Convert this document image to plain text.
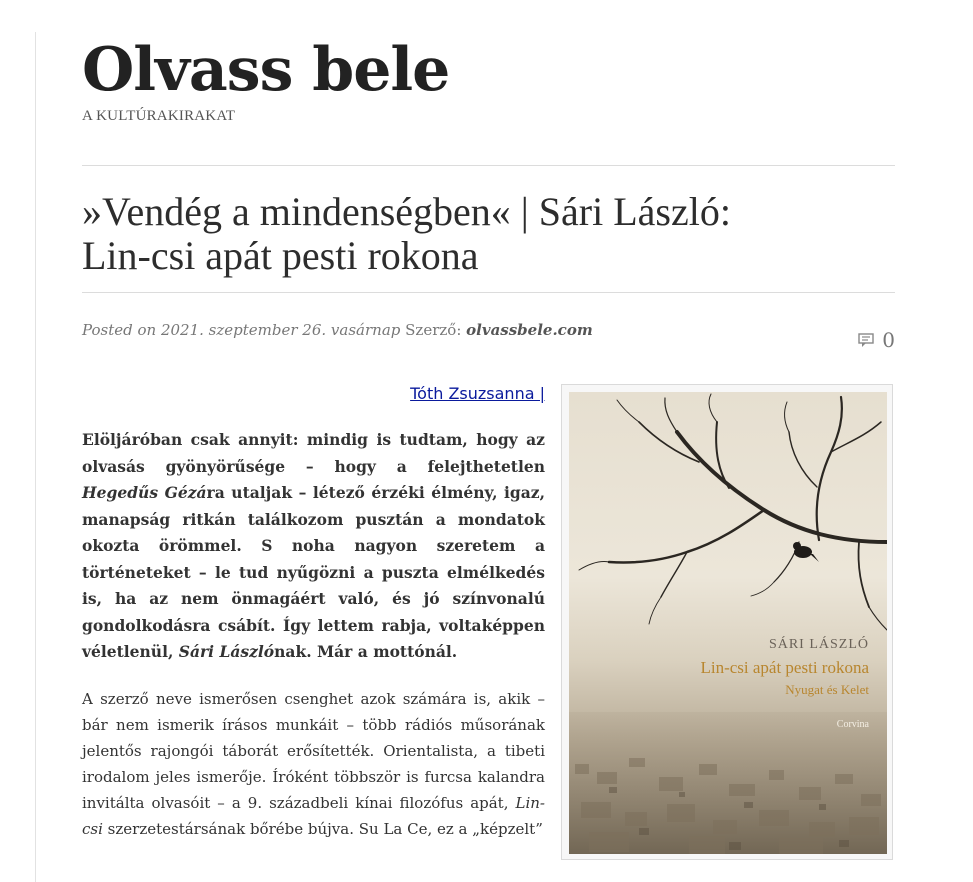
Olvass bele
A KULTÚRAKIRAKAT
»Vendég a mindenségben« | Sári László:
Lin-csi apát pesti rokona
Posted on 2021. szeptember 26. vasárnap Szerző: olvassbele.com	0

Tóth Zsuzsanna |

Elöljáróban csak annyit: mindig is tudtam, hogy az olvasás gyönyörűsége – hogy a felejthetetlen Hegedűs Gézára utaljak – létező érzéki élmény, igaz, manapság ritkán találkozom pusztán a mondatok okozta örömmel. S noha nagyon szeretem a történeteket – le tud nyűgözni a puszta elmélkedés is, ha az nem önmagáért való, és jó színvonalú gondolkodásra csábít. Így lettem rabja, voltaképpen véletlenül, Sári Lászlónak. Már a mottónál.

A szerző neve ismerősen csenghet azok számára is, akik – bár nem ismerik írásos munkáit – több rádiós műsorának jelentős rajongói táborát erősítették. Orientalista, a tibeti irodalom jeles ismerője. Íróként többször is furcsa kalandra invitálta olvasóit – a 9. századbeli kínai filozófus apát, Lin-csi szerzetestársának bőrébe bújva. Su La Ce, ez a „képzelt”

SÁRI LÁSZLÓ
Lin-csi apát pesti rokona
Nyugat és Kelet
Corvina
